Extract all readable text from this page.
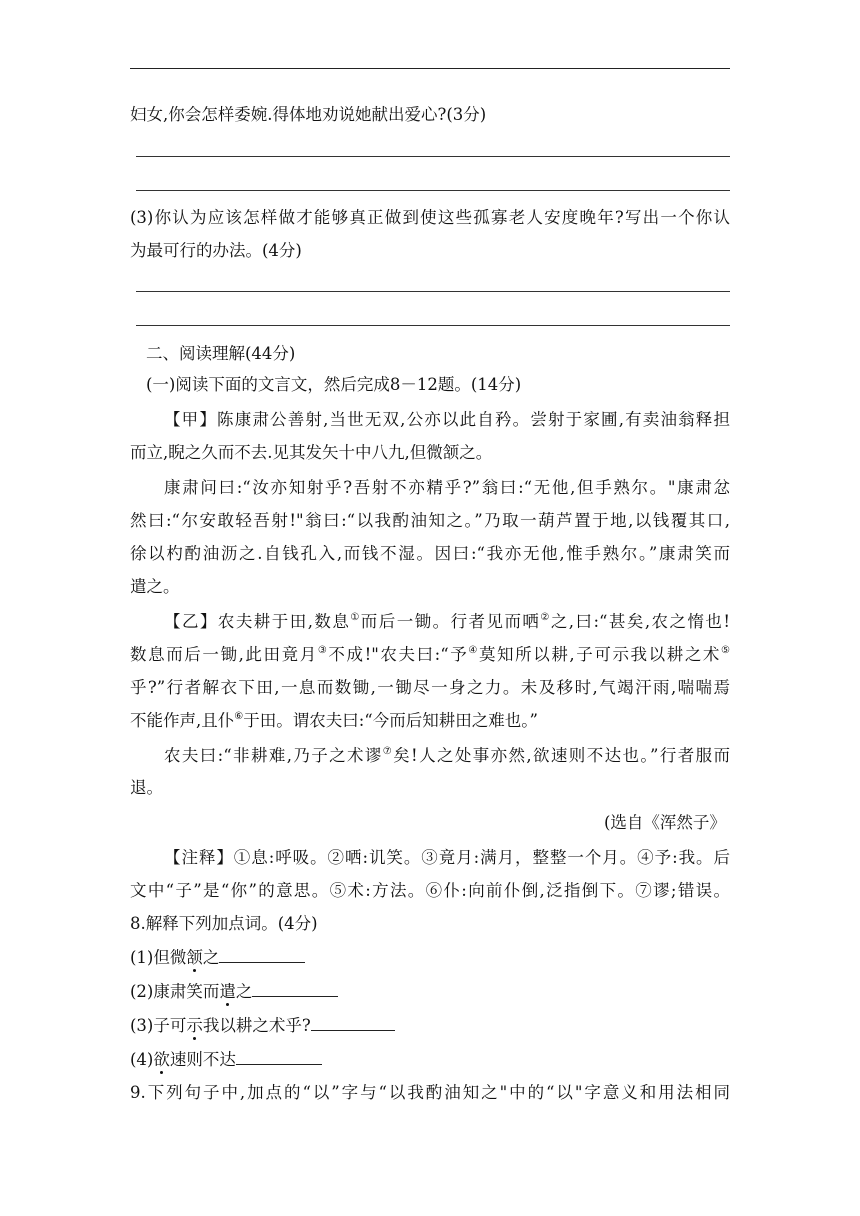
妇女,你会怎样委婉.得体地劝说她献出爱心?(3分)
(3)你认为应该怎样做才能够真正做到使这些孤寡老人安度晚年?写出一个你认
为最可行的办法。(4分)
二、阅读理解(44分)
(一)阅读下面的文言文，然后完成8－12题。(14分)
【甲】陈康肃公善射,当世无双,公亦以此自矜。尝射于家圃,有卖油翁释担
而立,睨之久而不去.见其发矢十中八九,但微颔之。
康肃问曰:“汝亦知射乎?吾射不亦精乎?”翁曰:“无他,但手熟尔。"康肃忿
然曰:“尔安敢轻吾射!"翁曰:“以我酌油知之。”乃取一葫芦置于地,以钱覆其口,
徐以杓酌油沥之.自钱孔入,而钱不湿。因曰:“我亦无他,惟手熟尔。”康肃笑而
遣之。
【乙】农夫耕于田,数息①而后一锄。行者见而哂②之,曰:“甚矣,农之惰也!
数息而后一锄,此田竟月③不成!"农夫曰:“予④莫知所以耕,子可示我以耕之术⑤
乎?”行者解衣下田,一息而数锄,一锄尽一身之力。未及移时,气竭汗雨,喘喘焉
不能作声,且仆⑥于田。谓农夫曰:“今而后知耕田之难也。”
农夫曰:“非耕难,乃子之术谬⑦矣!人之处事亦然,欲速则不达也。”行者服而
退。
(选自《浑然子》
【注释】①息:呼吸。②哂:讥笑。③竟月:满月，整整一个月。④予:我。后
文中“子”是“你”的意思。⑤术:方法。⑥仆:向前仆倒,泛指倒下。⑦谬;错误。
8.解释下列加点词。(4分)
(1)但微颔之
(2)康肃笑而遣之
(3)子可示我以耕之术乎?
(4)欲速则不达
9.下列句子中,加点的“以”字与“以我酌油知之"中的“以"字意义和用法相同
